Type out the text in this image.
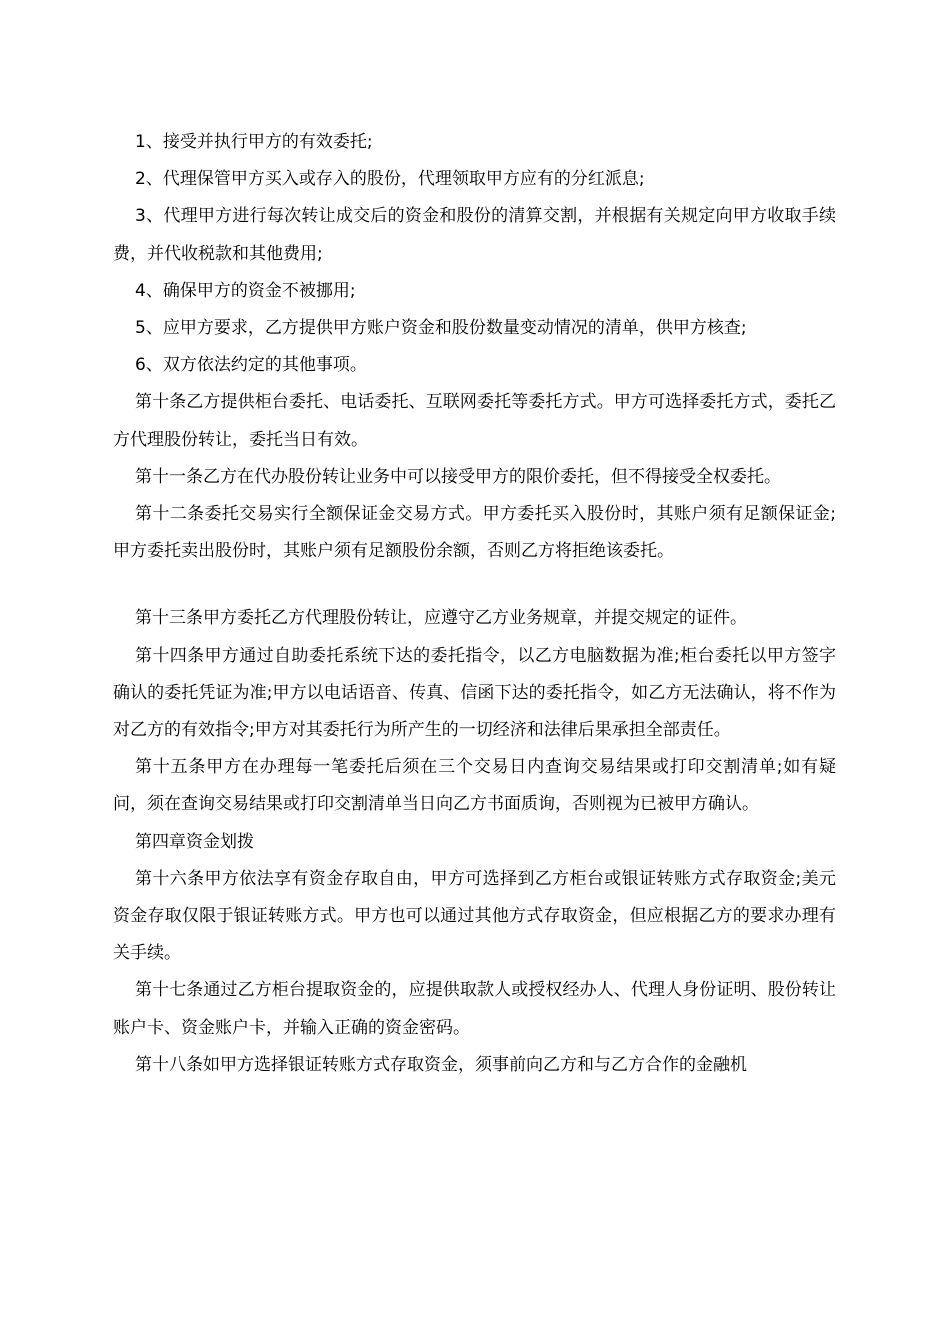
1、接受并执行甲方的有效委托;

2、代理保管甲方买入或存入的股份，代理领取甲方应有的分红派息;

3、代理甲方进行每次转让成交后的资金和股份的清算交割，并根据有关规定向甲方收取手续费，并代收税款和其他费用;

4、确保甲方的资金不被挪用;

5、应甲方要求，乙方提供甲方账户资金和股份数量变动情况的清单，供甲方核查;

6、双方依法约定的其他事项。

第十条乙方提供柜台委托、电话委托、互联网委托等委托方式。甲方可选择委托方式，委托乙方代理股份转让，委托当日有效。

第十一条乙方在代办股份转让业务中可以接受甲方的限价委托，但不得接受全权委托。

第十二条委托交易实行全额保证金交易方式。甲方委托买入股份时，其账户须有足额保证金;甲方委托卖出股份时，其账户须有足额股份余额，否则乙方将拒绝该委托。

第十三条甲方委托乙方代理股份转让，应遵守乙方业务规章，并提交规定的证件。

第十四条甲方通过自助委托系统下达的委托指令，以乙方电脑数据为准;柜台委托以甲方签字确认的委托凭证为准;甲方以电话语音、传真、信函下达的委托指令，如乙方无法确认，将不作为对乙方的有效指令;甲方对其委托行为所产生的一切经济和法律后果承担全部责任。

第十五条甲方在办理每一笔委托后须在三个交易日内查询交易结果或打印交割清单;如有疑问，须在查询交易结果或打印交割清单当日向乙方书面质询，否则视为已被甲方确认。

第四章资金划拨

第十六条甲方依法享有资金存取自由，甲方可选择到乙方柜台或银证转账方式存取资金;美元资金存取仅限于银证转账方式。甲方也可以通过其他方式存取资金，但应根据乙方的要求办理有关手续。

第十七条通过乙方柜台提取资金的，应提供取款人或授权经办人、代理人身份证明、股份转让账户卡、资金账户卡，并输入正确的资金密码。

第十八条如甲方选择银证转账方式存取资金，须事前向乙方和与乙方合作的金融机
